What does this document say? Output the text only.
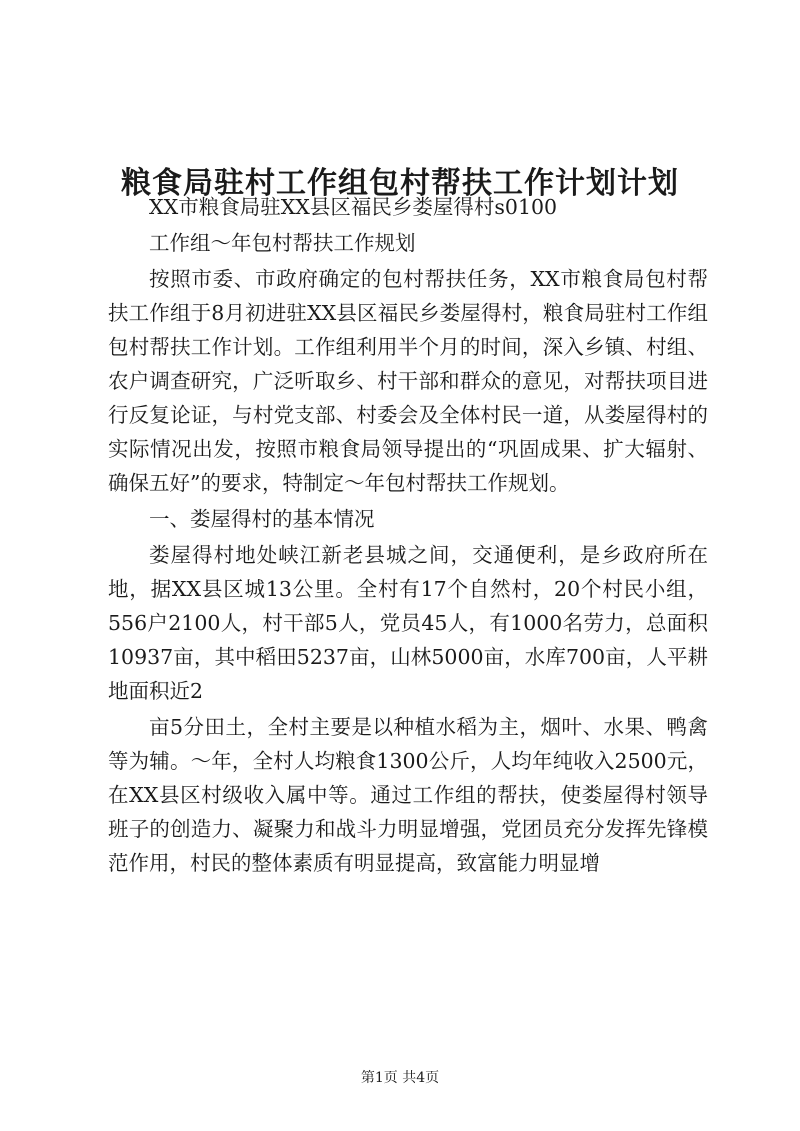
粮食局驻村工作组包村帮扶工作计划计划

XX市粮食局驻XX县区福民乡娄屋得村s0100

工作组～年包村帮扶工作规划

按照市委、市政府确定的包村帮扶任务，XX市粮食局包村帮扶工作组于8月初进驻XX县区福民乡娄屋得村，粮食局驻村工作组包村帮扶工作计划。工作组利用半个月的时间，深入乡镇、村组、农户调查研究，广泛听取乡、村干部和群众的意见，对帮扶项目进行反复论证，与村党支部、村委会及全体村民一道，从娄屋得村的实际情况出发，按照市粮食局领导提出的“巩固成果、扩大辐射、确保五好”的要求，特制定～年包村帮扶工作规划。

一、娄屋得村的基本情况

娄屋得村地处峡江新老县城之间，交通便利，是乡政府所在地，据XX县区城13公里。全村有17个自然村，20个村民小组，556户2100人，村干部5人，党员45人，有1000名劳力，总面积10937亩，其中稻田5237亩，山林5000亩，水库700亩，人平耕地面积近2

亩5分田土，全村主要是以种植水稻为主，烟叶、水果、鸭禽等为辅。～年，全村人均粮食1300公斤，人均年纯收入2500元，在XX县区村级收入属中等。通过工作组的帮扶，使娄屋得村领导班子的创造力、凝聚力和战斗力明显增强，党团员充分发挥先锋模范作用，村民的整体素质有明显提高，致富能力明显增

第1页 共4页
